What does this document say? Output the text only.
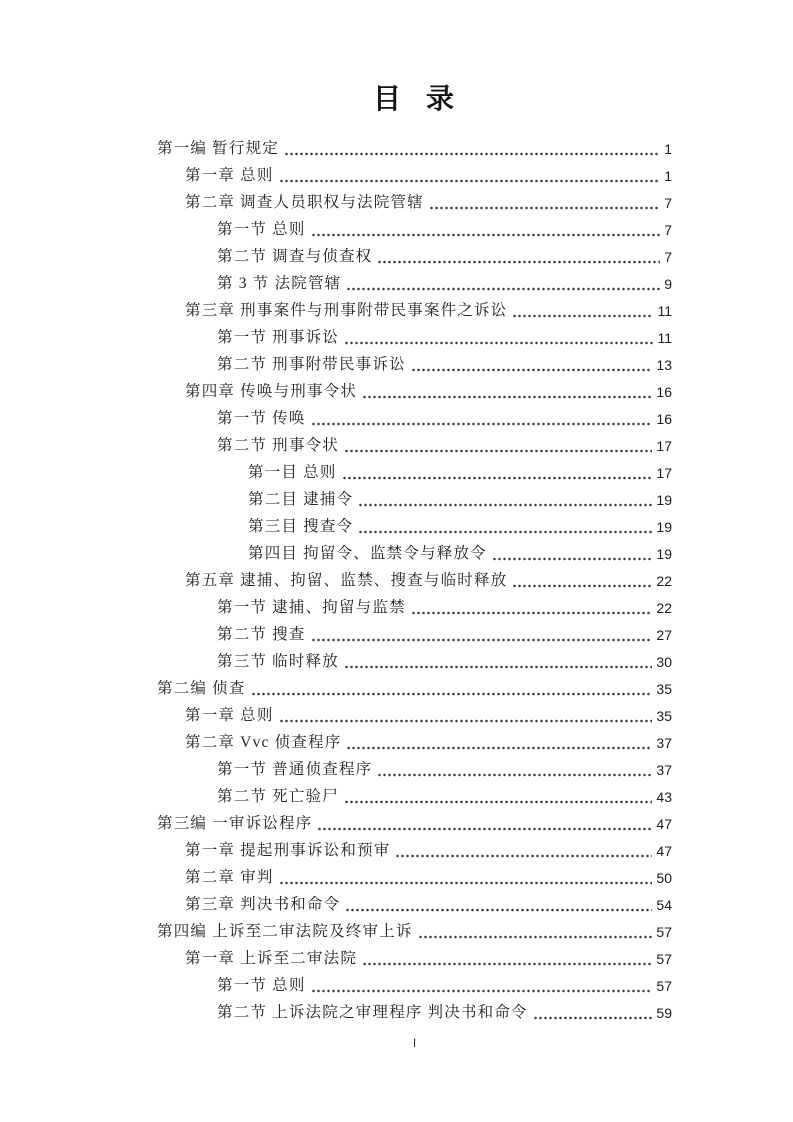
目 录
第一编 暂行规定	1
第一章 总则	1
第二章 调查人员职权与法院管辖	7
第一节 总则	7
第二节 调查与侦查权	7
第 3 节 法院管辖	9
第三章 刑事案件与刑事附带民事案件之诉讼	11
第一节 刑事诉讼	11
第二节 刑事附带民事诉讼	13
第四章 传唤与刑事令状	16
第一节 传唤	16
第二节 刑事令状	17
第一目 总则	17
第二目 逮捕令	19
第三目 搜查令	19
第四目 拘留令、监禁令与释放令	19
第五章 逮捕、拘留、监禁、搜查与临时释放	22
第一节 逮捕、拘留与监禁	22
第二节 搜查	27
第三节 临时释放	30
第二编 侦查	35
第一章 总则	35
第二章 Vvc 侦查程序	37
第一节 普通侦查程序	37
第二节 死亡验尸	43
第三编 一审诉讼程序	47
第一章 提起刑事诉讼和预审	47
第二章 审判	50
第三章 判决书和命令	54
第四编 上诉至二审法院及终审上诉	57
第一章 上诉至二审法院	57
第一节 总则	57
第二节 上诉法院之审理程序 判决书和命令	59
I
